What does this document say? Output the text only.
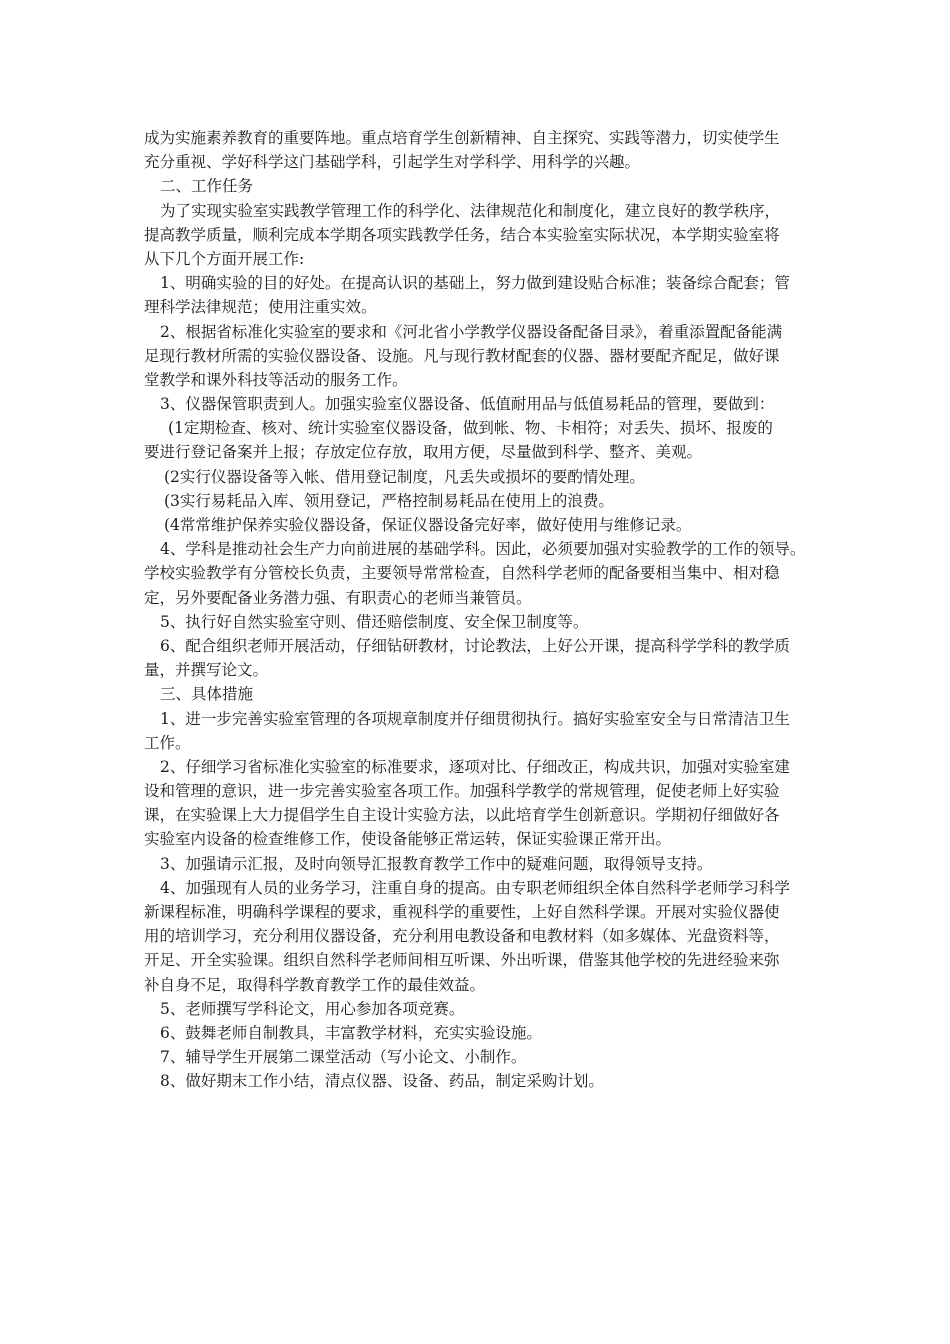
成为实施素养教育的重要阵地。重点培育学生创新精神、自主探究、实践等潜力，切实使学生
充分重视、学好科学这门基础学科，引起学生对学科学、用科学的兴趣。
二、工作任务
为了实现实验室实践教学管理工作的科学化、法律规范化和制度化，建立良好的教学秩序，
提高教学质量，顺利完成本学期各项实践教学任务，结合本实验室实际状况，本学期实验室将
从下几个方面开展工作:
1、明确实验的目的好处。在提高认识的基础上，努力做到建设贴合标准；装备综合配套；管
理科学法律规范；使用注重实效。
2、根据省标准化实验室的要求和《河北省小学教学仪器设备配备目录》，着重添置配备能满
足现行教材所需的实验仪器设备、设施。凡与现行教材配套的仪器、器材要配齐配足，做好课
堂教学和课外科技等活动的服务工作。
3、仪器保管职责到人。加强实验室仪器设备、低值耐用品与低值易耗品的管理，要做到：
(1定期检查、核对、统计实验室仪器设备，做到帐、物、卡相符；对丢失、损坏、报废的
要进行登记备案并上报；存放定位存放，取用方便，尽量做到科学、整齐、美观。
(2实行仪器设备等入帐、借用登记制度，凡丢失或损坏的要酌情处理。
(3实行易耗品入库、领用登记，严格控制易耗品在使用上的浪费。
(4常常维护保养实验仪器设备，保证仪器设备完好率，做好使用与维修记录。
4、学科是推动社会生产力向前进展的基础学科。因此，必须要加强对实验教学的工作的领导。
学校实验教学有分管校长负责，主要领导常常检查，自然科学老师的配备要相当集中、相对稳
定，另外要配备业务潜力强、有职责心的老师当兼管员。
5、执行好自然实验室守则、借还赔偿制度、安全保卫制度等。
6、配合组织老师开展活动，仔细钻研教材，讨论教法，上好公开课，提高科学学科的教学质
量，并撰写论文。
三、具体措施
1、进一步完善实验室管理的各项规章制度并仔细贯彻执行。搞好实验室安全与日常清洁卫生
工作。
2、仔细学习省标准化实验室的标准要求，逐项对比、仔细改正，构成共识，加强对实验室建
设和管理的意识，进一步完善实验室各项工作。加强科学教学的常规管理，促使老师上好实验
课，在实验课上大力提倡学生自主设计实验方法，以此培育学生创新意识。学期初仔细做好各
实验室内设备的检查维修工作，使设备能够正常运转，保证实验课正常开出。
3、加强请示汇报，及时向领导汇报教育教学工作中的疑难问题，取得领导支持。
4、加强现有人员的业务学习，注重自身的提高。由专职老师组织全体自然科学老师学习科学
新课程标准，明确科学课程的要求，重视科学的重要性，上好自然科学课。开展对实验仪器使
用的培训学习，充分利用仪器设备，充分利用电教设备和电教材料（如多媒体、光盘资料等，
开足、开全实验课。组织自然科学老师间相互听课、外出听课，借鉴其他学校的先进经验来弥
补自身不足，取得科学教育教学工作的最佳效益。
5、老师撰写学科论文，用心参加各项竞赛。
6、鼓舞老师自制教具，丰富教学材料，充实实验设施。
7、辅导学生开展第二课堂活动（写小论文、小制作。
8、做好期末工作小结，清点仪器、设备、药品，制定采购计划。
